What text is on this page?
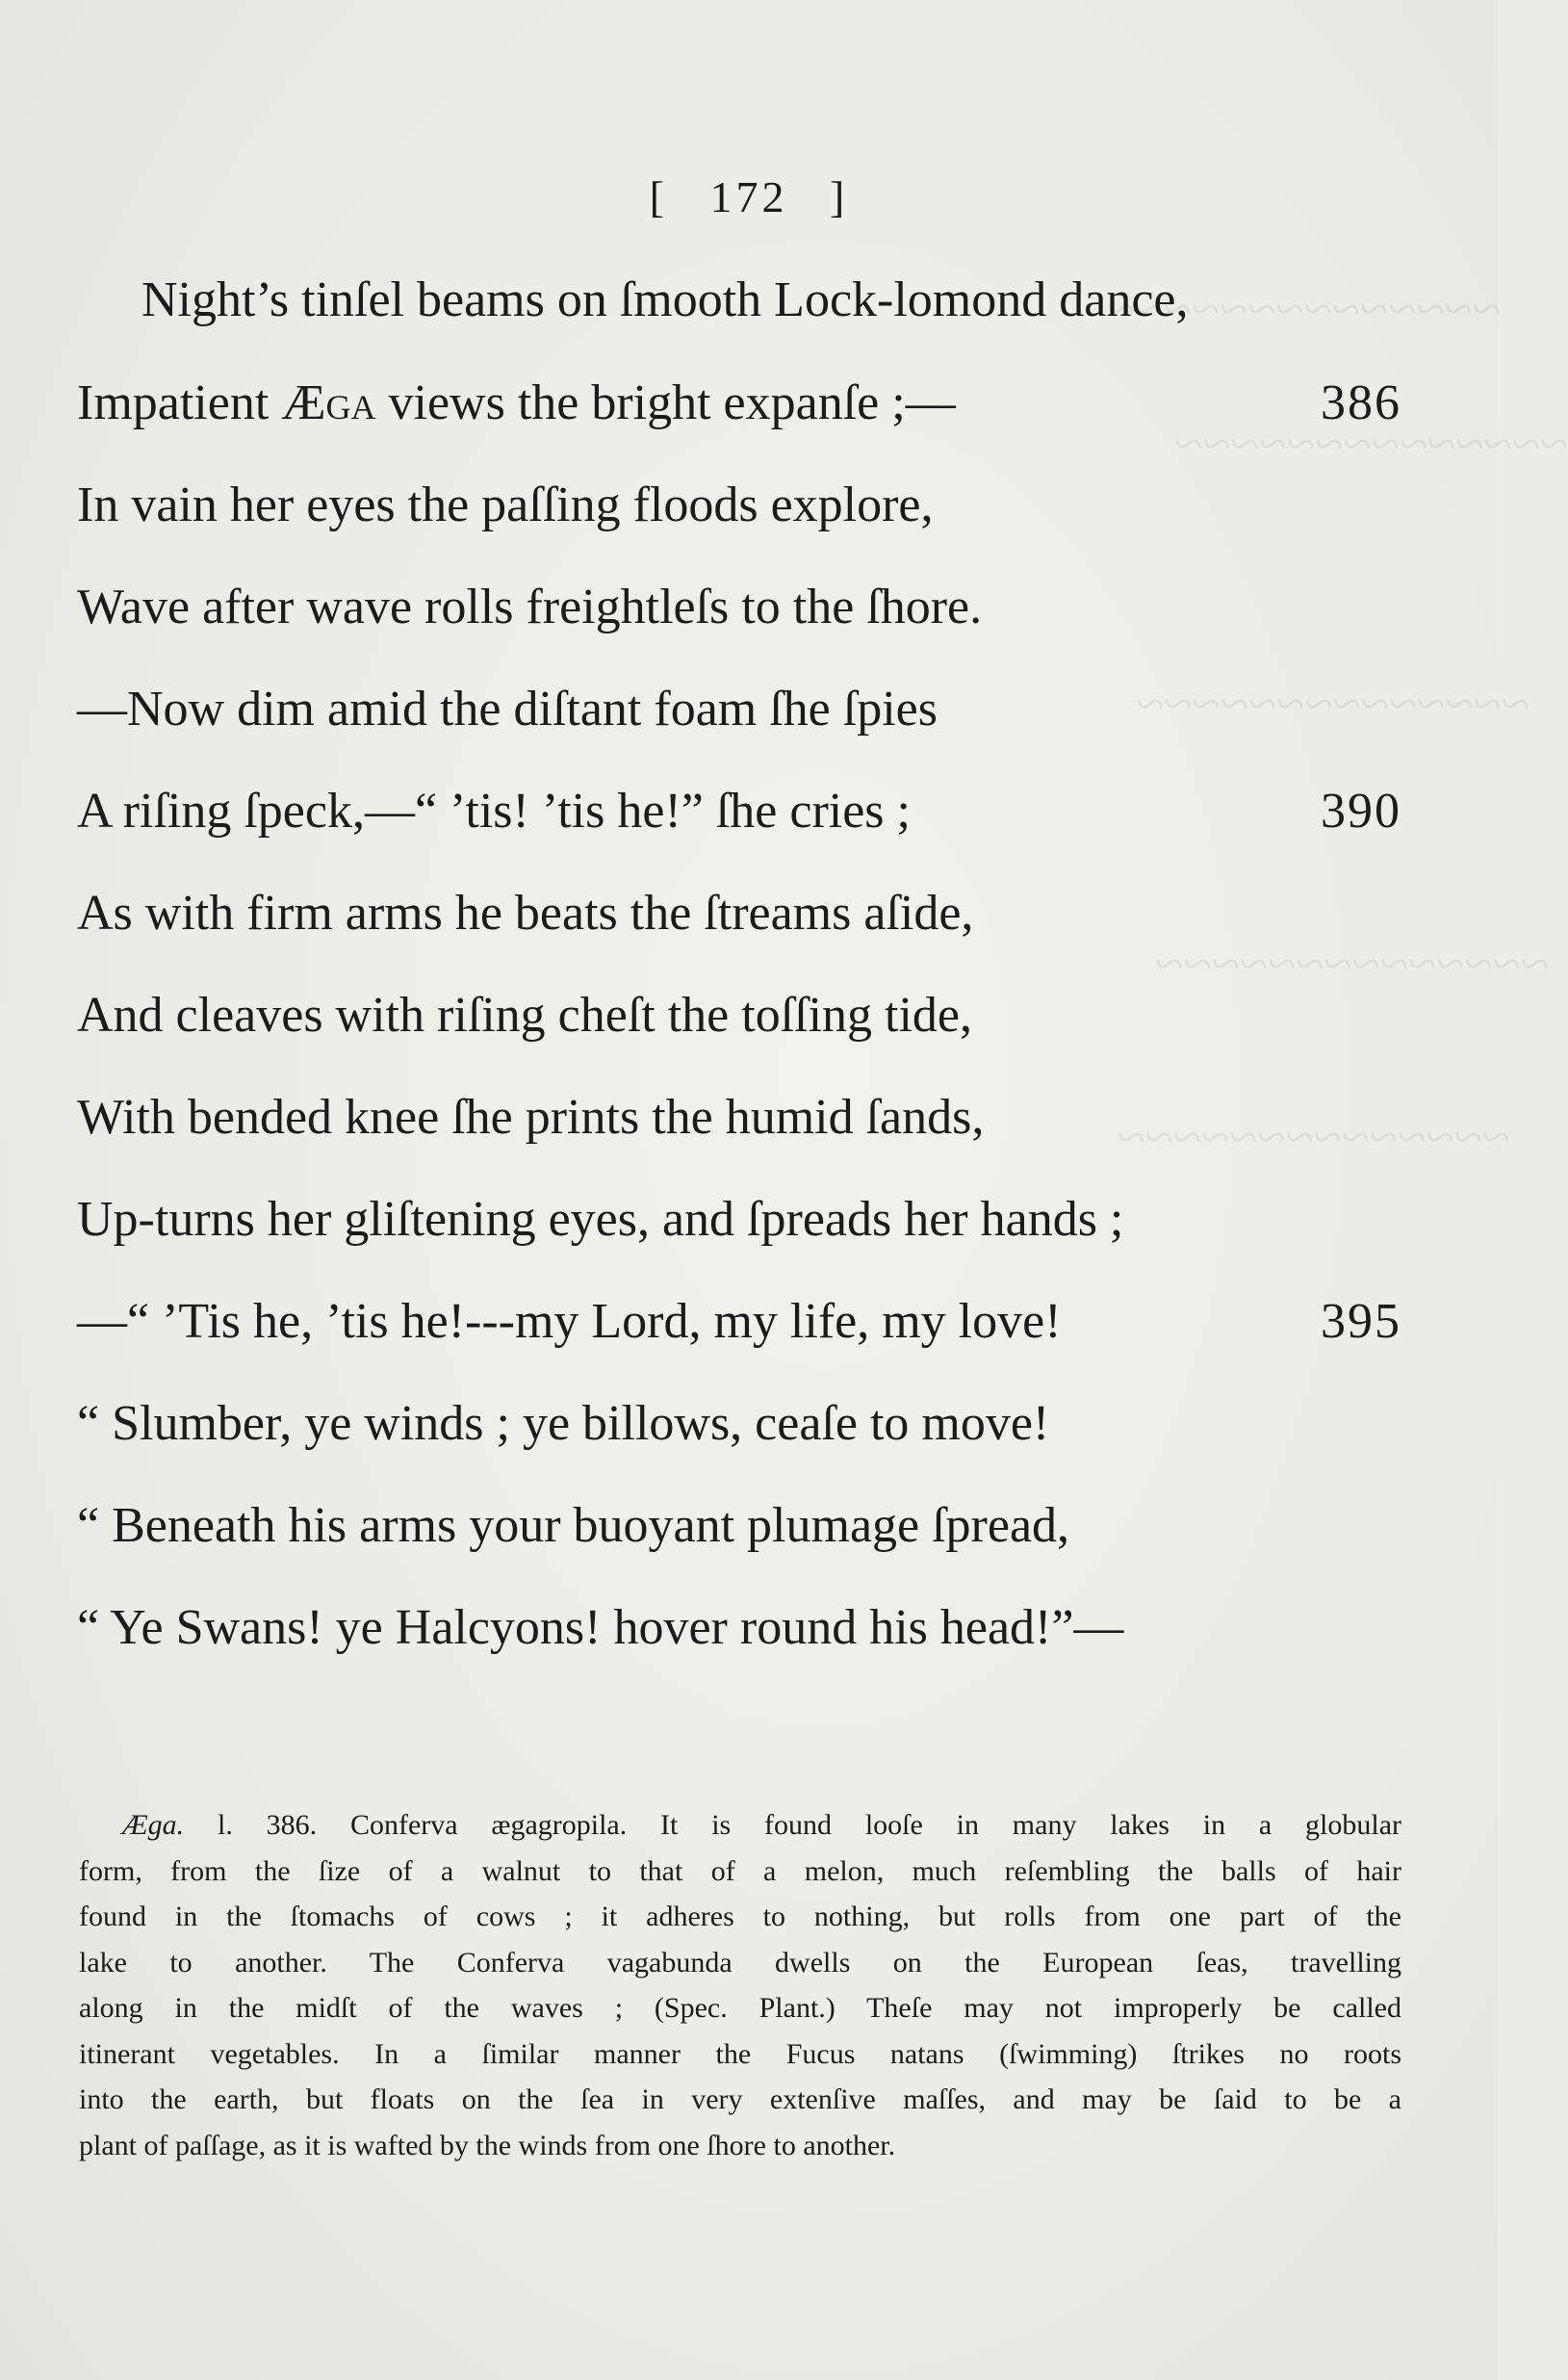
~~~~~~~~~~~~~~
~~~~~~~~~~~~~~
~~~~~~~~~~~~~~
~~~~~~~~~~~~~~
~~~~~~~~~~~~~~
[ 172 ]
Night’s tinſel beams on ſmooth Lock-lomond dance,
Impatient Æga views the bright expanſe ;—	386
In vain her eyes the paſſing floods explore,
Wave after wave rolls freightleſs to the ſhore.
—Now dim amid the diſtant foam ſhe ſpies
A riſing ſpeck,—“ ’tis! ’tis he!” ſhe cries ;	390
As with firm arms he beats the ſtreams aſide,
And cleaves with riſing cheſt the toſſing tide,
With bended knee ſhe prints the humid ſands,
Up-turns her gliſtening eyes, and ſpreads her hands ;
—“ ’Tis he, ’tis he!---my Lord, my life, my love!	395
“ Slumber, ye winds ; ye billows, ceaſe to move!
“ Beneath his arms your buoyant plumage ſpread,
“ Ye Swans! ye Halcyons! hover round his head!”—
Æga. l. 386. Conferva ægagropila. It is found looſe in many lakes in a globular
form, from the ſize of a walnut to that of a melon, much reſembling the balls of hair
found in the ſtomachs of cows ; it adheres to nothing, but rolls from one part of the
lake to another. The Conferva vagabunda dwells on the European ſeas, travelling
along in the midſt of the waves ; (Spec. Plant.) Theſe may not improperly be called
itinerant vegetables. In a ſimilar manner the Fucus natans (ſwimming) ſtrikes no roots
into the earth, but floats on the ſea in very extenſive maſſes, and may be ſaid to be a
plant of paſſage, as it is wafted by the winds from one ſhore to another.
